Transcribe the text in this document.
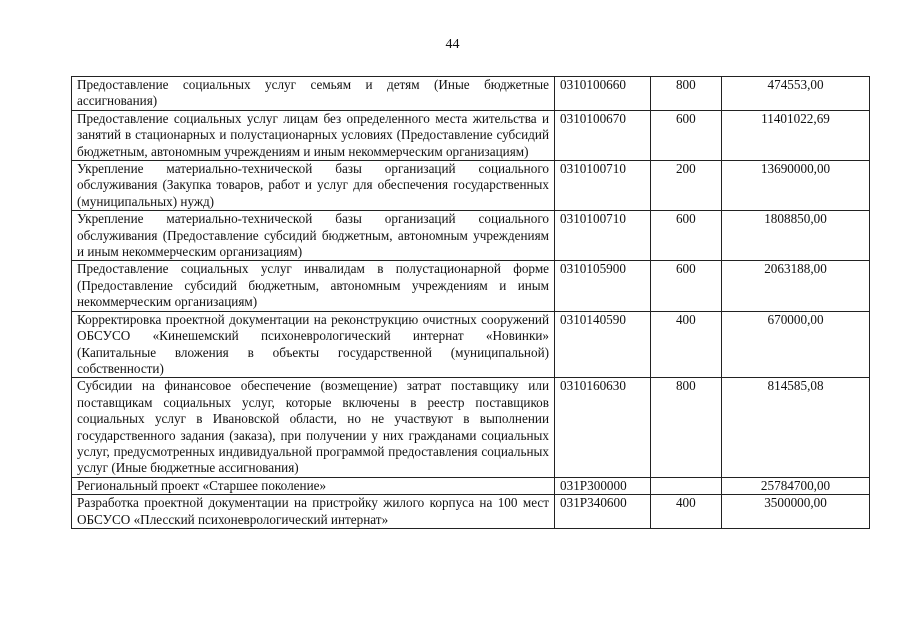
44
Предоставление социальных услуг семьям и детям (Иные бюджетные ассигнования)	0310100660	800	474553,00
Предоставление социальных услуг лицам без определенного места жительства и занятий в стационарных и полустационарных условиях (Предоставление субсидий бюджетным, автономным учреждениям и иным некоммерческим организациям)	0310100670	600	11401022,69
Укрепление материально-технической базы организаций социального обслуживания (Закупка товаров, работ и услуг для обеспечения государственных (муниципальных) нужд)	0310100710	200	13690000,00
Укрепление материально-технической базы организаций социального обслуживания (Предоставление субсидий бюджетным, автономным учреждениям и иным некоммерческим организациям)	0310100710	600	1808850,00
Предоставление социальных услуг инвалидам в полустационарной форме (Предоставление субсидий бюджетным, автономным учреждениям и иным некоммерческим организациям)	0310105900	600	2063188,00
Корректировка проектной документации на реконструкцию очистных сооружений ОБСУСО «Кинешемский психоневрологический интернат «Новинки» (Капитальные вложения в объекты государственной (муниципальной) собственности)	0310140590	400	670000,00
Субсидии на финансовое обеспечение (возмещение) затрат поставщику или поставщикам социальных услуг, которые включены в реестр поставщиков социальных услуг в Ивановской области, но не участвуют в выполнении государственного задания (заказа), при получении у них гражданами социальных услуг, предусмотренных индивидуальной программой предоставления социальных услуг (Иные бюджетные ассигнования)	0310160630	800	814585,08
Региональный проект «Старшее поколение»	031P300000		25784700,00
Разработка проектной документации на пристройку жилого корпуса на 100 мест ОБСУСО «Плесский психоневрологический интернат»	031P340600	400	3500000,00
